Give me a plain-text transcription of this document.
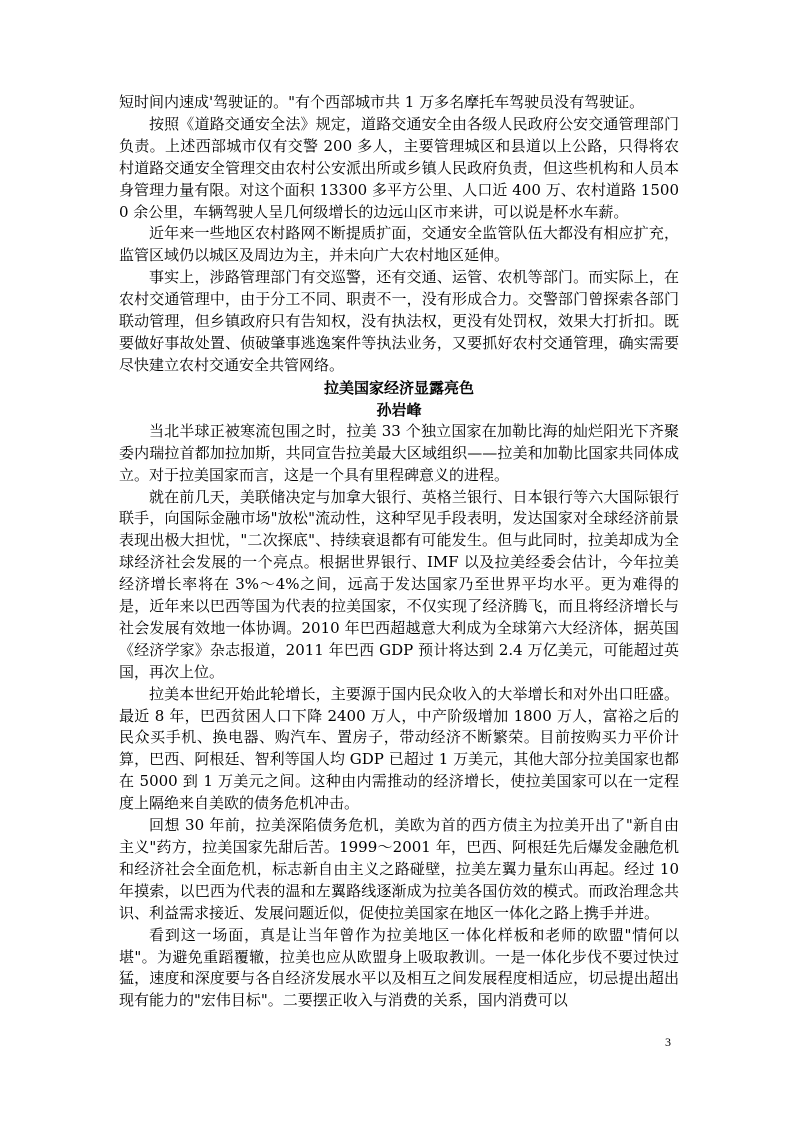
短时间内速成'驾驶证的。"有个西部城市共 1 万多名摩托车驾驶员没有驾驶证。

按照《道路交通安全法》规定，道路交通安全由各级人民政府公安交通管理部门负责。上述西部城市仅有交警 200 多人，主要管理城区和县道以上公路，只得将农村道路交通安全管理交由农村公安派出所或乡镇人民政府负责，但这些机构和人员本身管理力量有限。对这个面积 13300 多平方公里、人口近 400 万、农村道路 15000 余公里，车辆驾驶人呈几何级增长的边远山区市来讲，可以说是杯水车薪。

近年来一些地区农村路网不断提质扩面，交通安全监管队伍大都没有相应扩充，监管区域仍以城区及周边为主，并未向广大农村地区延伸。

事实上，涉路管理部门有交巡警，还有交通、运管、农机等部门。而实际上，在农村交通管理中，由于分工不同、职责不一，没有形成合力。交警部门曾探索各部门联动管理，但乡镇政府只有告知权，没有执法权，更没有处罚权，效果大打折扣。既要做好事故处置、侦破肇事逃逸案件等执法业务，又要抓好农村交通管理，确实需要尽快建立农村交通安全共管网络。

拉美国家经济显露亮色

孙岩峰

当北半球正被寒流包围之时，拉美 33 个独立国家在加勒比海的灿烂阳光下齐聚委内瑞拉首都加拉加斯，共同宣告拉美最大区域组织——拉美和加勒比国家共同体成立。对于拉美国家而言，这是一个具有里程碑意义的进程。

就在前几天，美联储决定与加拿大银行、英格兰银行、日本银行等六大国际银行联手，向国际金融市场"放松"流动性，这种罕见手段表明，发达国家对全球经济前景表现出极大担忧，"二次探底"、持续衰退都有可能发生。但与此同时，拉美却成为全球经济社会发展的一个亮点。根据世界银行、IMF 以及拉美经委会估计，今年拉美经济增长率将在 3%～4%之间，远高于发达国家乃至世界平均水平。更为难得的是，近年来以巴西等国为代表的拉美国家，不仅实现了经济腾飞，而且将经济增长与社会发展有效地一体协调。2010 年巴西超越意大利成为全球第六大经济体，据英国《经济学家》杂志报道，2011 年巴西 GDP 预计将达到 2.4 万亿美元，可能超过英国，再次上位。

拉美本世纪开始此轮增长，主要源于国内民众收入的大举增长和对外出口旺盛。最近 8 年，巴西贫困人口下降 2400 万人，中产阶级增加 1800 万人，富裕之后的民众买手机、换电器、购汽车、置房子，带动经济不断繁荣。目前按购买力平价计算，巴西、阿根廷、智利等国人均 GDP 已超过 1 万美元，其他大部分拉美国家也都在 5000 到 1 万美元之间。这种由内需推动的经济增长，使拉美国家可以在一定程度上隔绝来自美欧的债务危机冲击。

回想 30 年前，拉美深陷债务危机，美欧为首的西方债主为拉美开出了"新自由主义"药方，拉美国家先甜后苦。1999～2001 年，巴西、阿根廷先后爆发金融危机和经济社会全面危机，标志新自由主义之路碰壁，拉美左翼力量东山再起。经过 10 年摸索，以巴西为代表的温和左翼路线逐渐成为拉美各国仿效的模式。而政治理念共识、利益需求接近、发展问题近似，促使拉美国家在地区一体化之路上携手并进。

看到这一场面，真是让当年曾作为拉美地区一体化样板和老师的欧盟"情何以堪"。为避免重蹈覆辙，拉美也应从欧盟身上吸取教训。一是一体化步伐不要过快过猛，速度和深度要与各自经济发展水平以及相互之间发展程度相适应，切忌提出超出现有能力的"宏伟目标"。二要摆正收入与消费的关系，国内消费可以

3
